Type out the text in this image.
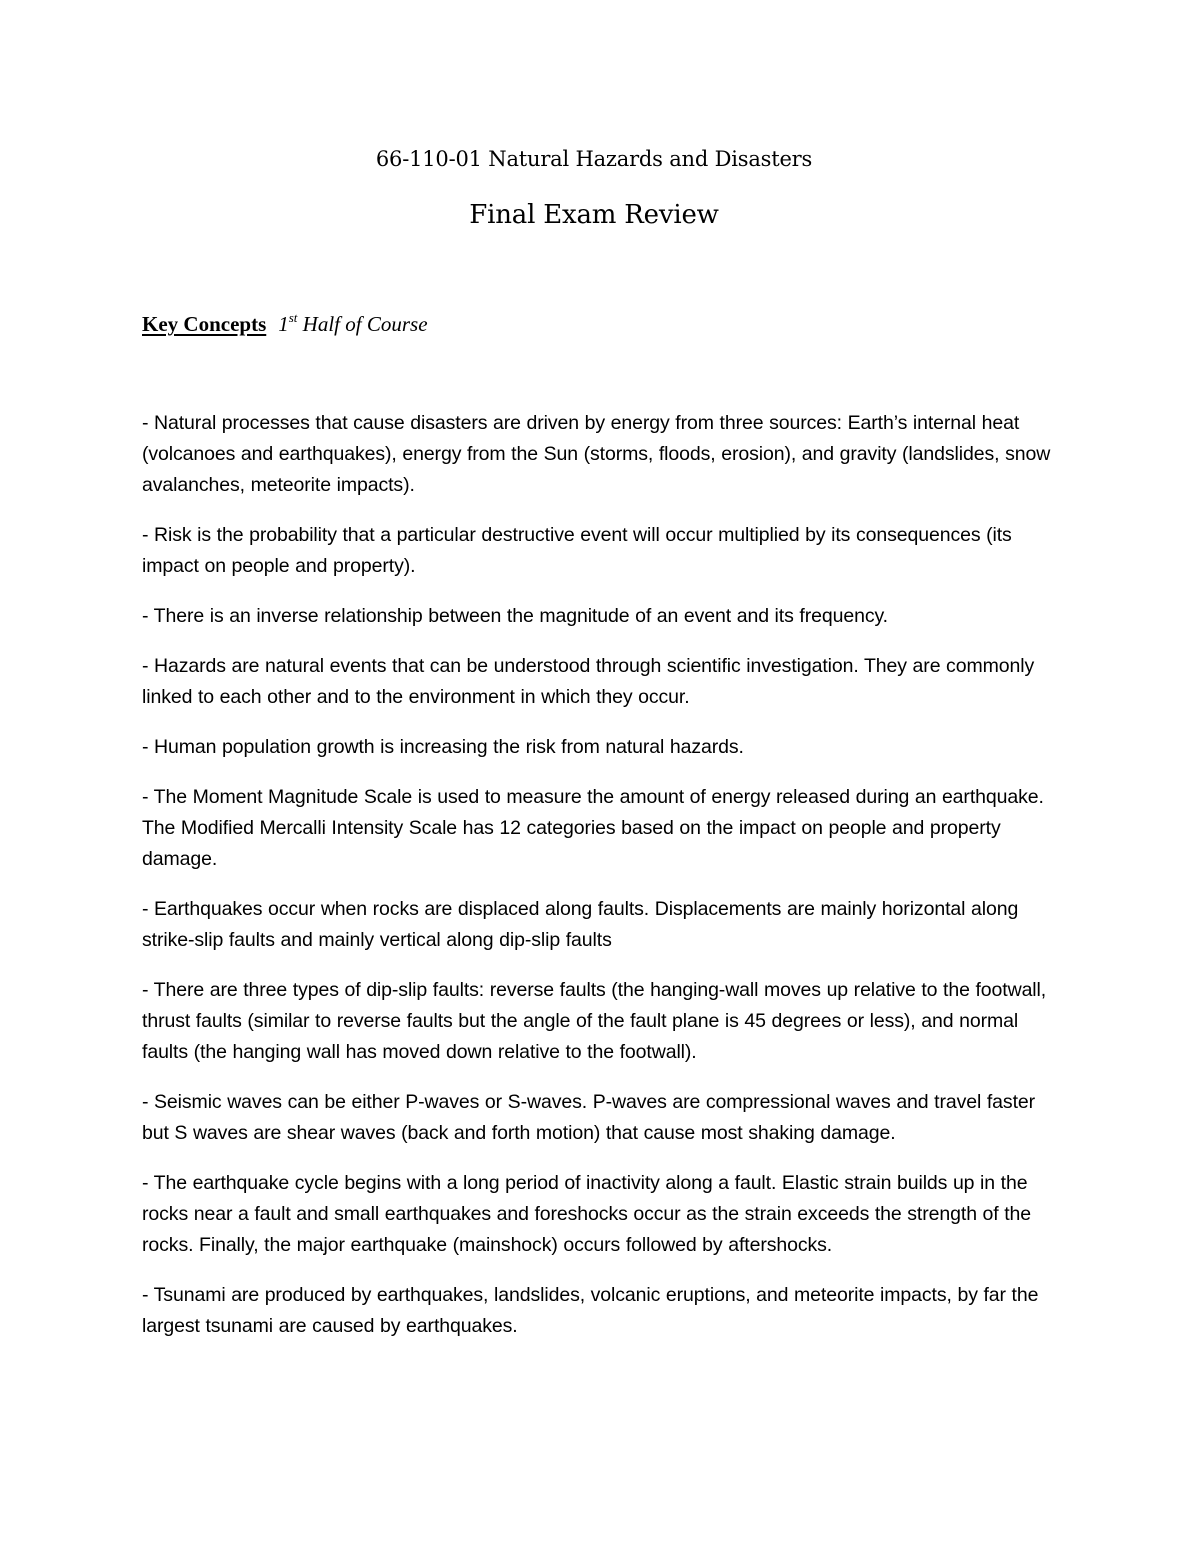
66-110-01 Natural Hazards and Disasters
Final Exam Review
Key Concepts 1st Half of Course
- Natural processes that cause disasters are driven by energy from three sources: Earth’s internal heat (volcanoes and earthquakes), energy from the Sun (storms, floods, erosion), and gravity (landslides, snow avalanches, meteorite impacts).
- Risk is the probability that a particular destructive event will occur multiplied by its consequences (its impact on people and property).
- There is an inverse relationship between the magnitude of an event and its frequency.
- Hazards are natural events that can be understood through scientific investigation. They are commonly linked to each other and to the environment in which they occur.
- Human population growth is increasing the risk from natural hazards.
- The Moment Magnitude Scale is used to measure the amount of energy released during an earthquake. The Modified Mercalli Intensity Scale has 12 categories based on the impact on people and property damage.
- Earthquakes occur when rocks are displaced along faults. Displacements are mainly horizontal along strike-slip faults and mainly vertical along dip-slip faults
- There are three types of dip-slip faults: reverse faults (the hanging-wall moves up relative to the footwall, thrust faults (similar to reverse faults but the angle of the fault plane is 45 degrees or less), and normal faults (the hanging wall has moved down relative to the footwall).
- Seismic waves can be either P-waves or S-waves. P-waves are compressional waves and travel faster but S waves are shear waves (back and forth motion) that cause most shaking damage.
- The earthquake cycle begins with a long period of inactivity along a fault. Elastic strain builds up in the rocks near a fault and small earthquakes and foreshocks occur as the strain exceeds the strength of the rocks. Finally, the major earthquake (mainshock) occurs followed by aftershocks.
- Tsunami are produced by earthquakes, landslides, volcanic eruptions, and meteorite impacts, by far the largest tsunami are caused by earthquakes.
